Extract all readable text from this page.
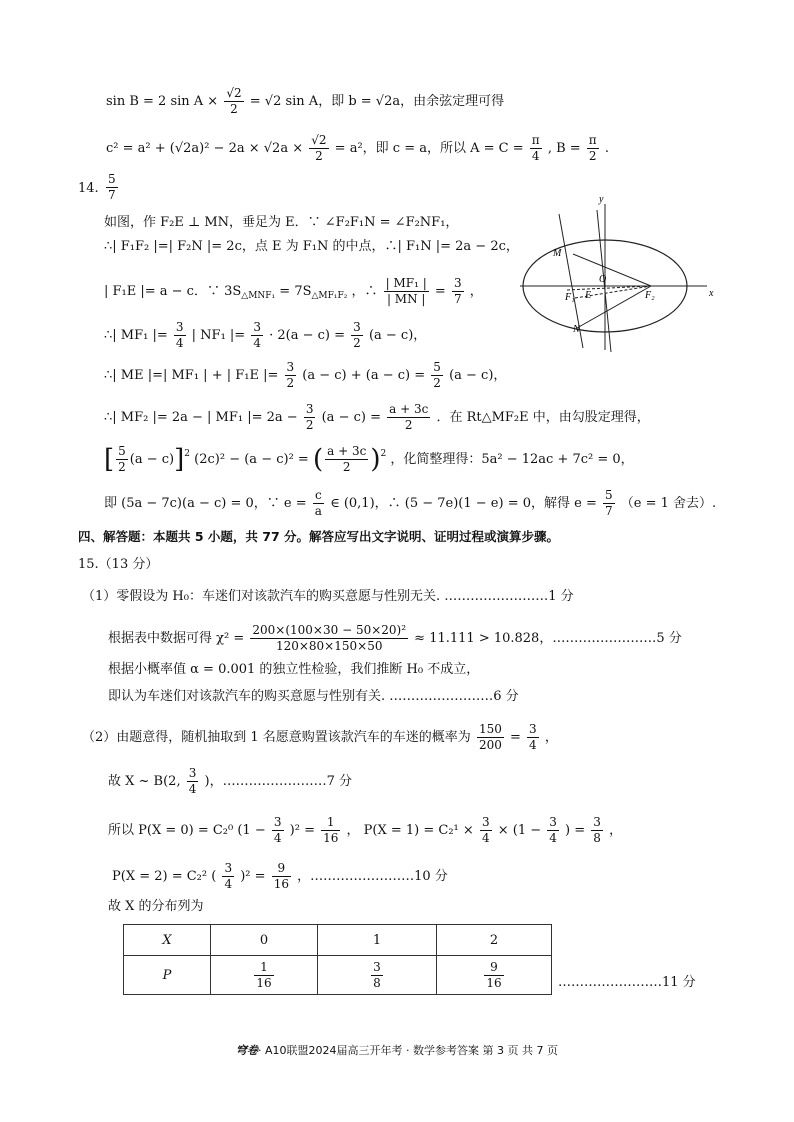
sin B = 2 $\sin A \times \frac{√2}{2} = √2$ sin A，即 b = √2a，由余弦定理可得
$c^2 = a^2 + (√2a)^2 - 2a \times √2a \times \frac{√2}{2} = a^2$，即 c = a，所以 $A = C = \frac{\pi}{4}$ , $B = \frac{\pi}{2}$ .
14. $\frac{5}{7}$
如图，作 F₂E ⊥ MN，垂足为 E．∵ ∠F₂F₁N = ∠F₂NF₁，
∴| F₁F₂ |=| F₂N |= 2c，点 E 为 F₁N 的中点，∴| F₁N |= 2a − 2c，
| F₁E |= a − c．∵ $3S_{\triangle MNF_1} = 7S_{\triangle MF_1F_2}$ ，∴ $\frac{\text{| MF₁ |}}{| MN |} = \frac{3}{7}$ ，
∴| MF₁ |= $\frac{3}{4}$ | NF₁ |= $\frac{3}{4} \cdot 2(a - c) = \frac{3}{2} (a - c)$，
∴| ME |=| MF₁ | + | F₁E |= $\frac{3}{2} (a - c) + (a - c) = \frac{5}{2} (a - c)$，
∴| MF₂ |= 2a − | MF₁ |= $2a - \frac{3}{2} (a - c) = \frac{a + 3c}{2}$ ．在 Rt△MF₂E 中，由勾股定理得，
[ $\frac{5}{2} (a - c)]^2$ (2c)² − (a − c)² = ( $\frac{a + 3c}{2} )^2$ ，化简整理得：5a² − 12ac + 7c² = 0，
即 (5a − 7c)(a − c) = 0，∵ $e = \frac{c}{a}$ ∈ (0,1)，∴ (5 − 7e)(1 − e) = 0，解得 $e = \frac{5}{7} (e = 1$ 舍去）.
y
x
M
O
F₁ E	F₂
N
四、解答题：本题共 5 小题，共 77 分。解答应写出文字说明、证明过程或演算步骤。
15.（13 分）
（1）零假设为 H₀：车迷们对该款汽车的购买意愿与性别无关. ……………………1 分
根据表中数据可得 $\chi^2 = \frac{\text{200×(100×30 − 50×20)²}}{120\times 80\times 150\times 50} \approx 11.111 > 10.828$，……………………5 分
根据小概率值 α = 0.001 的独立性检验，我们推断 H₀ 不成立，
即认为车迷们对该款汽车的购买意愿与性别有关. ……………………6 分
（2）由题意得，随机抽取到 1 名愿意购置该款汽车的车迷的概率为 $\frac{150}{200} = \frac{3}{4}$ ，
故 X ~ B(2, $\frac{3}{4}$ )，……………………7 分
所以 P(X = 0) = C₂⁰ $(1 - \frac{3}{4} )^2 = \frac{1}{16}$ ， $P(X = 1) = C_2^1 \times \frac{3}{4} \times (1 - \frac{3}{4}$ ) = $\frac{3}{8}$ ，
P(X = 2) = C₂² ( $\frac{3}{4} )^2 = \frac{9}{16}$ ，……………………10 分
故 X 的分布列为
X	0	1	2
P	$\frac{1}{16}$	$\frac{3}{8}$	$\frac{9}{16}$	……………………11 分
穹卷· A10联盟2024届高三开年考 · 数学参考答案 第 3 页 共 7 页
